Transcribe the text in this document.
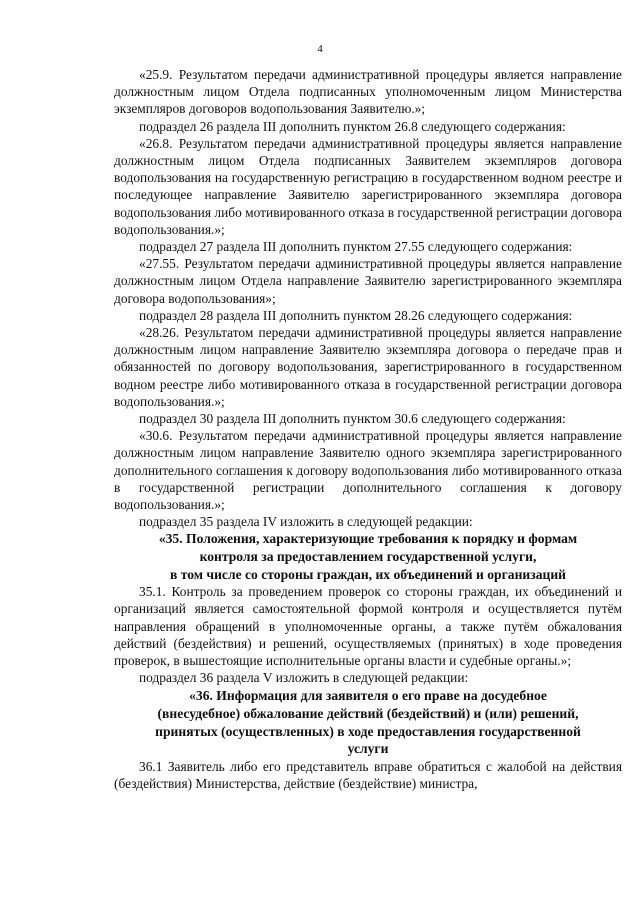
4

«25.9. Результатом передачи административной процедуры является направление должностным лицом Отдела подписанных уполномоченным лицом Министерства экземпляров договоров водопользования Заявителю.»;

подраздел 26 раздела III дополнить пунктом 26.8 следующего содержания:

«26.8. Результатом передачи административной процедуры является направление должностным лицом Отдела подписанных Заявителем экземпляров договора водопользования на государственную регистрацию в государственном водном реестре и последующее направление Заявителю зарегистрированного экземпляра договора водопользования либо мотивированного отказа в государственной регистрации договора водопользования.»;

подраздел 27 раздела III дополнить пунктом 27.55 следующего содержания:

«27.55. Результатом передачи административной процедуры является направление должностным лицом Отдела направление Заявителю зарегистрированного экземпляра договора водопользования»;

подраздел 28 раздела III дополнить пунктом 28.26 следующего содержания:

«28.26. Результатом передачи административной процедуры является направление должностным лицом направление Заявителю экземпляра договора о передаче прав и обязанностей по договору водопользования, зарегистрированного в государственном водном реестре либо мотивированного отказа в государственной регистрации договора водопользования.»;

подраздел 30 раздела III дополнить пунктом 30.6 следующего содержания:

«30.6. Результатом передачи административной процедуры является направление должностным лицом направление Заявителю одного экземпляра зарегистрированного дополнительного соглашения к договору водопользования либо мотивированного отказа в государственной регистрации дополнительного соглашения к договору водопользования.»;

подраздел 35 раздела IV изложить в следующей редакции:

«35. Положения, характеризующие требования к порядку и формам
контроля за предоставлением государственной услуги,
в том числе со стороны граждан, их объединений и организаций

35.1. Контроль за проведением проверок со стороны граждан, их объединений и организаций является самостоятельной формой контроля и осуществляется путём направления обращений в уполномоченные органы, а также путём обжалования действий (бездействия) и решений, осуществляемых (принятых) в ходе проведения проверок, в вышестоящие исполнительные органы власти и судебные органы.»;

подраздел 36 раздела V изложить в следующей редакции:

«36. Информация для заявителя о его праве на досудебное
(внесудебное) обжалование действий (бездействий) и (или) решений,
принятых (осуществленных) в ходе предоставления государственной
услуги

36.1 Заявитель либо его представитель вправе обратиться с жалобой на действия (бездействия) Министерства, действие (бездействие) министра,
